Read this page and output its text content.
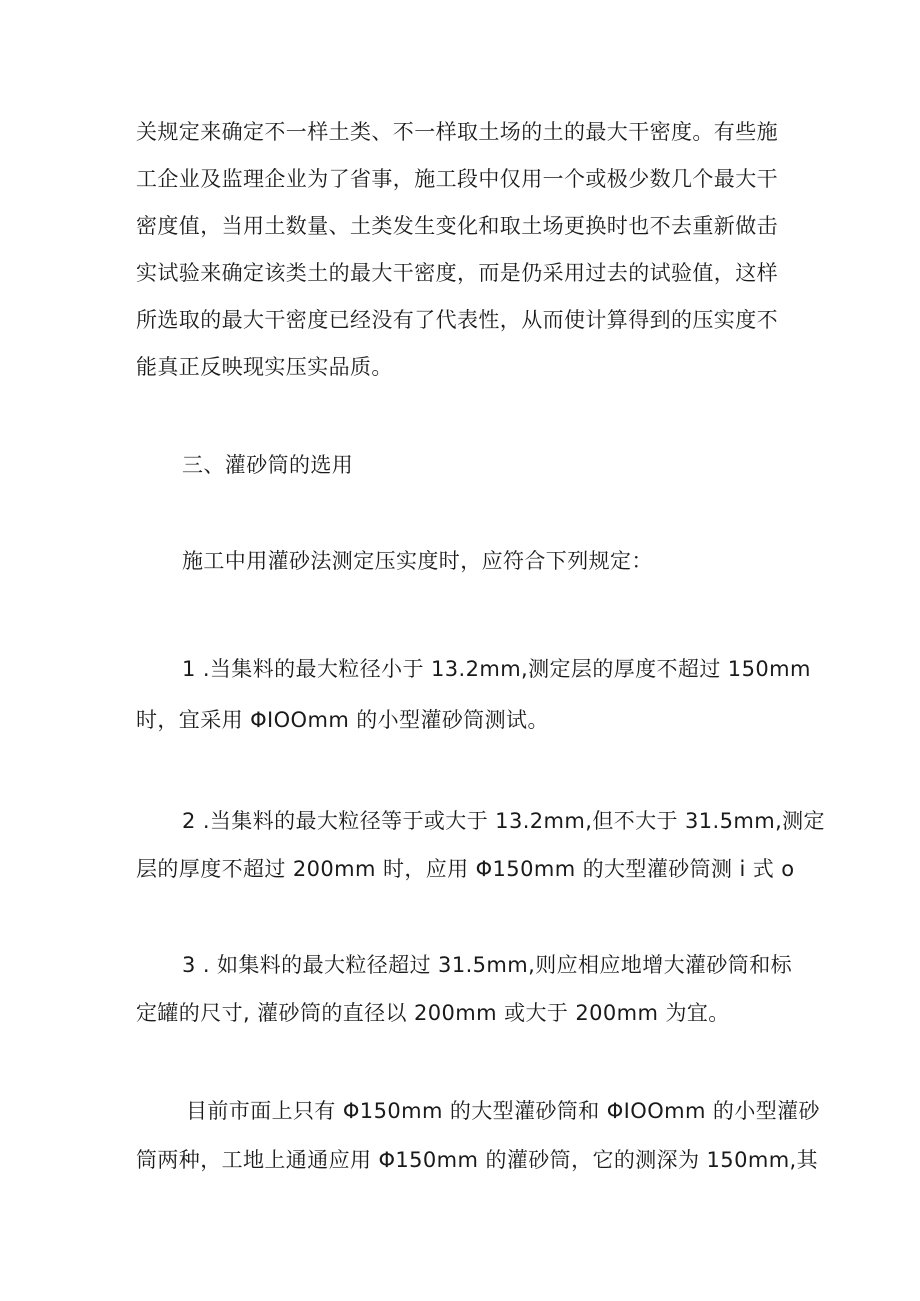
关规定来确定不一样土类、不一样取土场的土的最大干密度。有些施

工企业及监理企业为了省事，施工段中仅用一个或极少数几个最大干

密度值，当用土数量、土类发生变化和取土场更换时也不去重新做击

实试验来确定该类土的最大干密度，而是仍采用过去的试验值，这样

所选取的最大干密度已经没有了代表性，从而使计算得到的压实度不

能真正反映现实压实品质。

三、灌砂筒的选用

施工中用灌砂法测定压实度时，应符合下列规定：

1 .当集料的最大粒径小于 13.2mm,测定层的厚度不超过 150mm

时，宜采用 ΦIOOmm 的小型灌砂筒测试。

2 .当集料的最大粒径等于或大于 13.2mm,但不大于 31.5mm,测定

层的厚度不超过 200mm 时，应用 Φ150mm 的大型灌砂筒测 i 式 o

3 . 如集料的最大粒径超过 31.5mm,则应相应地增大灌砂筒和标

定罐的尺寸, 灌砂筒的直径以 200mm 或大于 200mm 为宜。

目前市面上只有 Φ150mm 的大型灌砂筒和 ΦIOOmm 的小型灌砂

筒两种，工地上通通应用 Φ150mm 的灌砂筒，它的测深为 150mm,其
